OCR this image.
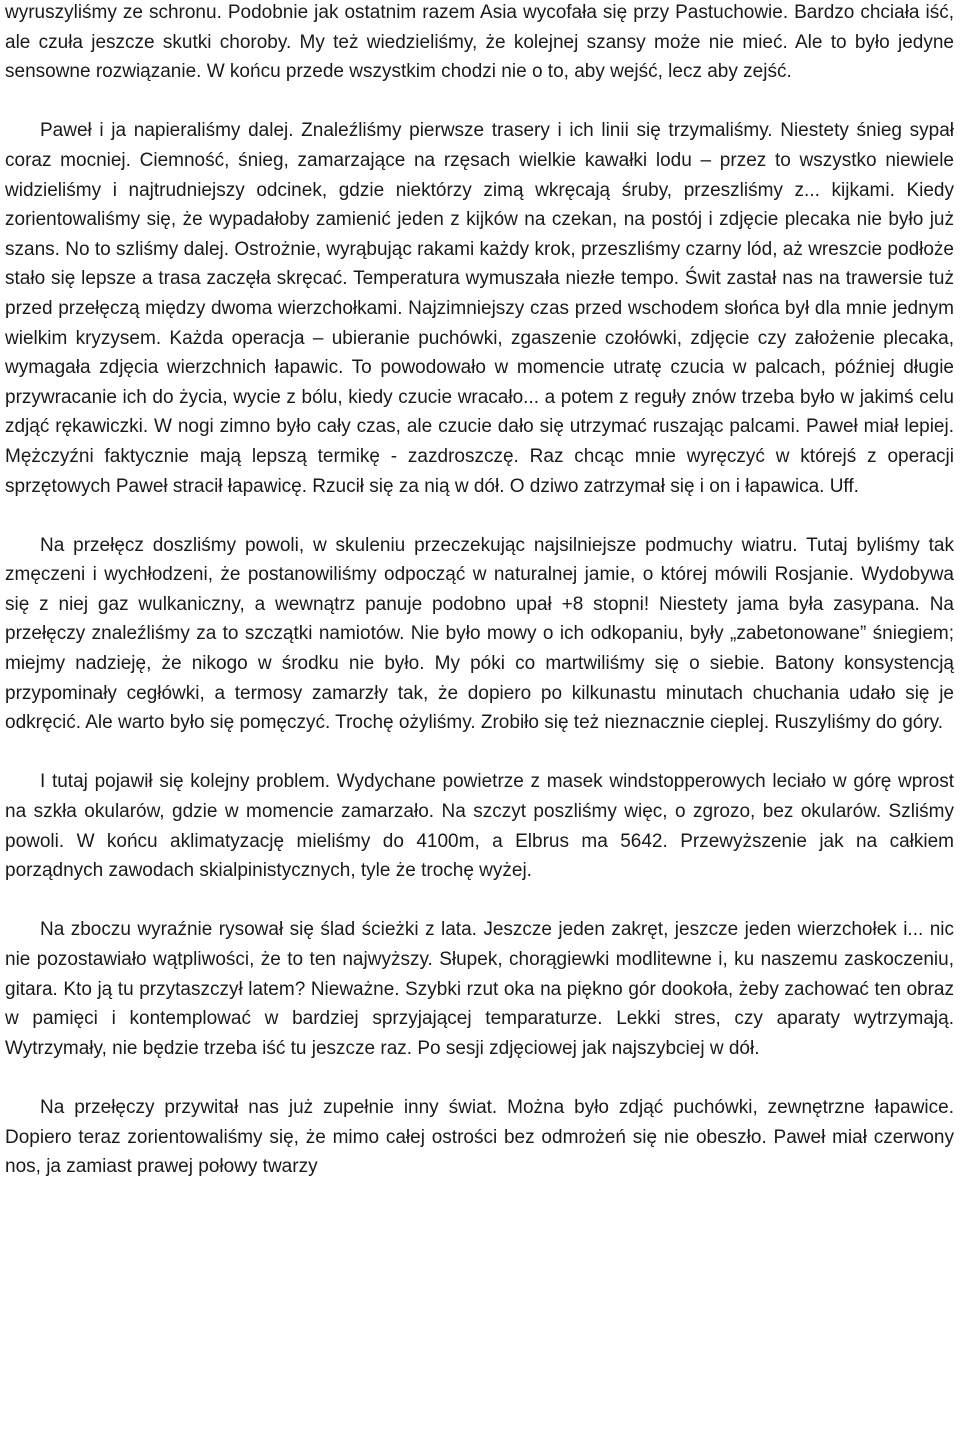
wyruszyliśmy ze schronu. Podobnie jak ostatnim razem Asia wycofała się przy Pastuchowie. Bardzo chciała iść, ale czuła jeszcze skutki choroby. My też wiedzieliśmy, że kolejnej szansy może nie mieć. Ale to było jedyne sensowne rozwiązanie. W końcu przede wszystkim chodzi nie o to, aby wejść, lecz aby zejść.

Paweł i ja napieraliśmy dalej. Znaleźliśmy pierwsze trasery i ich linii się trzymaliśmy. Niestety śnieg sypał coraz mocniej. Ciemność, śnieg, zamarzające na rzęsach wielkie kawałki lodu – przez to wszystko niewiele widzieliśmy i najtrudniejszy odcinek, gdzie niektórzy zimą wkręcają śruby, przeszliśmy z... kijkami. Kiedy zorientowaliśmy się, że wypadałoby zamienić jeden z kijków na czekan, na postój i zdjęcie plecaka nie było już szans. No to szliśmy dalej. Ostrożnie, wyrąbując rakami każdy krok, przeszliśmy czarny lód, aż wreszcie podłoże stało się lepsze a trasa zaczęła skręcać. Temperatura wymuszała niezłe tempo. Świt zastał nas na trawersie tuż przed przełęczą między dwoma wierzchołkami. Najzimniejszy czas przed wschodem słońca był dla mnie jednym wielkim kryzysem. Każda operacja – ubieranie puchówki, zgaszenie czołówki, zdjęcie czy założenie plecaka, wymagała zdjęcia wierzchnich łapawic. To powodowało w momencie utratę czucia w palcach, później długie przywracanie ich do życia, wycie z bólu, kiedy czucie wracało... a potem z reguły znów trzeba było w jakimś celu zdjąć rękawiczki. W nogi zimno było cały czas, ale czucie dało się utrzymać ruszając palcami. Paweł miał lepiej. Mężczyźni faktycznie mają lepszą termikę - zazdroszczę. Raz chcąc mnie wyręczyć w którejś z operacji sprzętowych Paweł stracił łapawicę. Rzucił się za nią w dół. O dziwo zatrzymał się i on i łapawica. Uff.

Na przełęcz doszliśmy powoli, w skuleniu przeczekując najsilniejsze podmuchy wiatru. Tutaj byliśmy tak zmęczeni i wychłodzeni, że postanowiliśmy odpocząć w naturalnej jamie, o której mówili Rosjanie. Wydobywa się z niej gaz wulkaniczny, a wewnątrz panuje podobno upał +8 stopni! Niestety jama była zasypana. Na przełęczy znaleźliśmy za to szczątki namiotów. Nie było mowy o ich odkopaniu, były „zabetonowane” śniegiem; miejmy nadzieję, że nikogo w środku nie było. My póki co martwiliśmy się o siebie. Batony konsystencją przypominały cegłówki, a termosy zamarzły tak, że dopiero po kilkunastu minutach chuchania udało się je odkręcić. Ale warto było się pomęczyć. Trochę ożyliśmy. Zrobiło się też nieznacznie cieplej. Ruszyliśmy do góry.

I tutaj pojawił się kolejny problem. Wydychane powietrze z masek windstopperowych leciało w górę wprost na szkła okularów, gdzie w momencie zamarzało. Na szczyt poszliśmy więc, o zgrozo, bez okularów. Szliśmy powoli. W końcu aklimatyzację mieliśmy do 4100m, a Elbrus ma 5642. Przewyższenie jak na całkiem porządnych zawodach skialpinistycznych, tyle że trochę wyżej.

Na zboczu wyraźnie rysował się ślad ścieżki z lata. Jeszcze jeden zakręt, jeszcze jeden wierzchołek i... nic nie pozostawiało wątpliwości, że to ten najwyższy. Słupek, chorągiewki modlitewne i, ku naszemu zaskoczeniu, gitara. Kto ją tu przytaszczył latem? Nieważne. Szybki rzut oka na piękno gór dookoła, żeby zachować ten obraz w pamięci i kontemplować w bardziej sprzyjającej temparaturze. Lekki stres, czy aparaty wytrzymają. Wytrzymały, nie będzie trzeba iść tu jeszcze raz. Po sesji zdjęciowej jak najszybciej w dół.

Na przełęczy przywitał nas już zupełnie inny świat. Można było zdjąć puchówki, zewnętrzne łapawice. Dopiero teraz zorientowaliśmy się, że mimo całej ostrości bez odmrożeń się nie obeszło. Paweł miał czerwony nos, ja zamiast prawej połowy twarzy
